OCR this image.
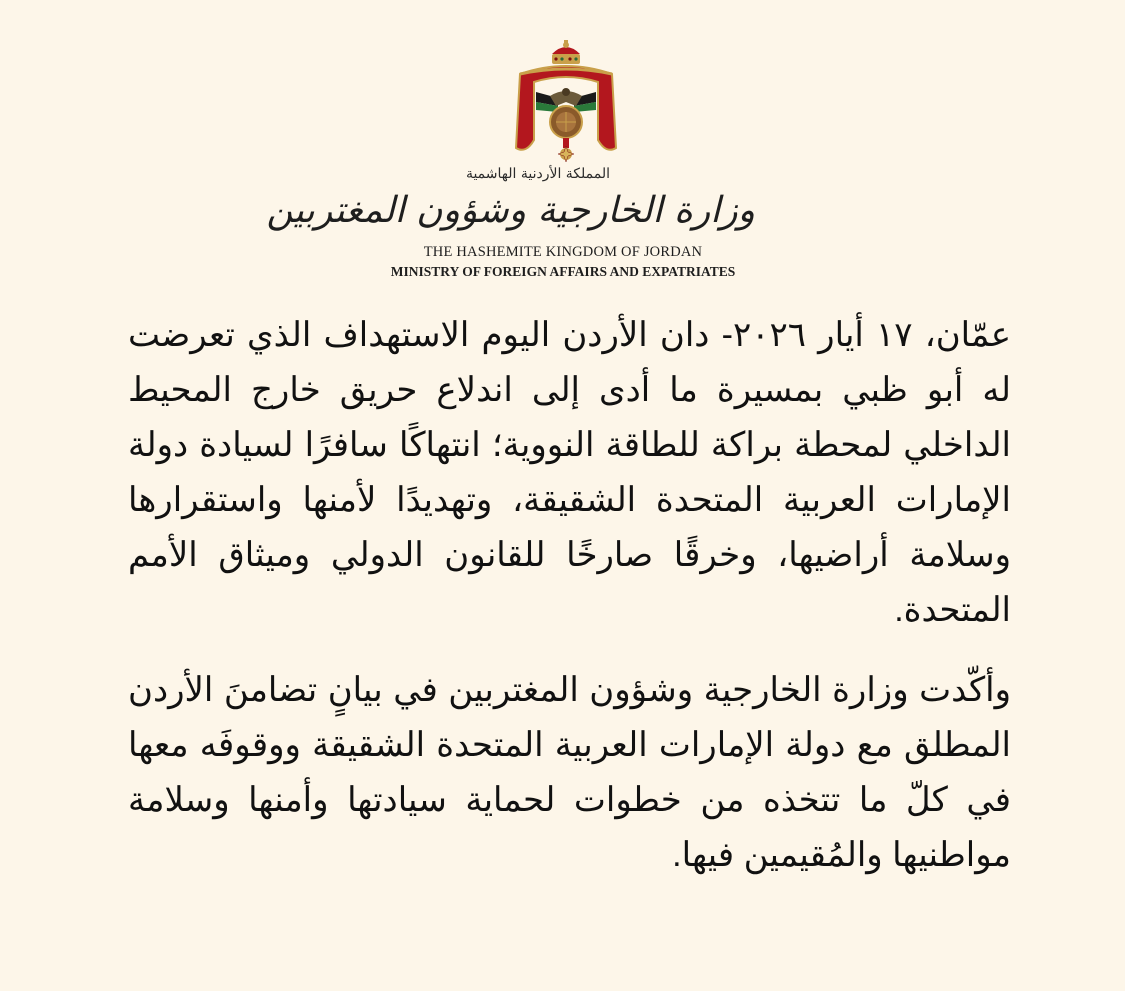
المملكة الأردنية الهاشمية
وزارة الخارجية وشؤون المغتربين
THE HASHEMITE KINGDOM OF JORDAN
MINISTRY OF FOREIGN AFFAIRS AND EXPATRIATES

عمّان، ١٧ أيار ٢٠٢٦- دان الأردن اليوم الاستهداف الذي تعرضت له أبو ظبي بمسيرة ما أدى إلى اندلاع حريق خارج المحيط الداخلي لمحطة براكة للطاقة النووية؛ انتهاكًا سافرًا لسيادة دولة الإمارات العربية المتحدة الشقيقة، وتهديدًا لأمنها واستقرارها وسلامة أراضيها، وخرقًا صارخًا للقانون الدولي وميثاق الأمم المتحدة.

وأكّدت وزارة الخارجية وشؤون المغتربين في بيانٍ تضامنَ الأردن المطلق مع دولة الإمارات العربية المتحدة الشقيقة ووقوفَه معها في كلّ ما تتخذه من خطوات لحماية سيادتها وأمنها وسلامة مواطنيها والمُقيمين فيها.
